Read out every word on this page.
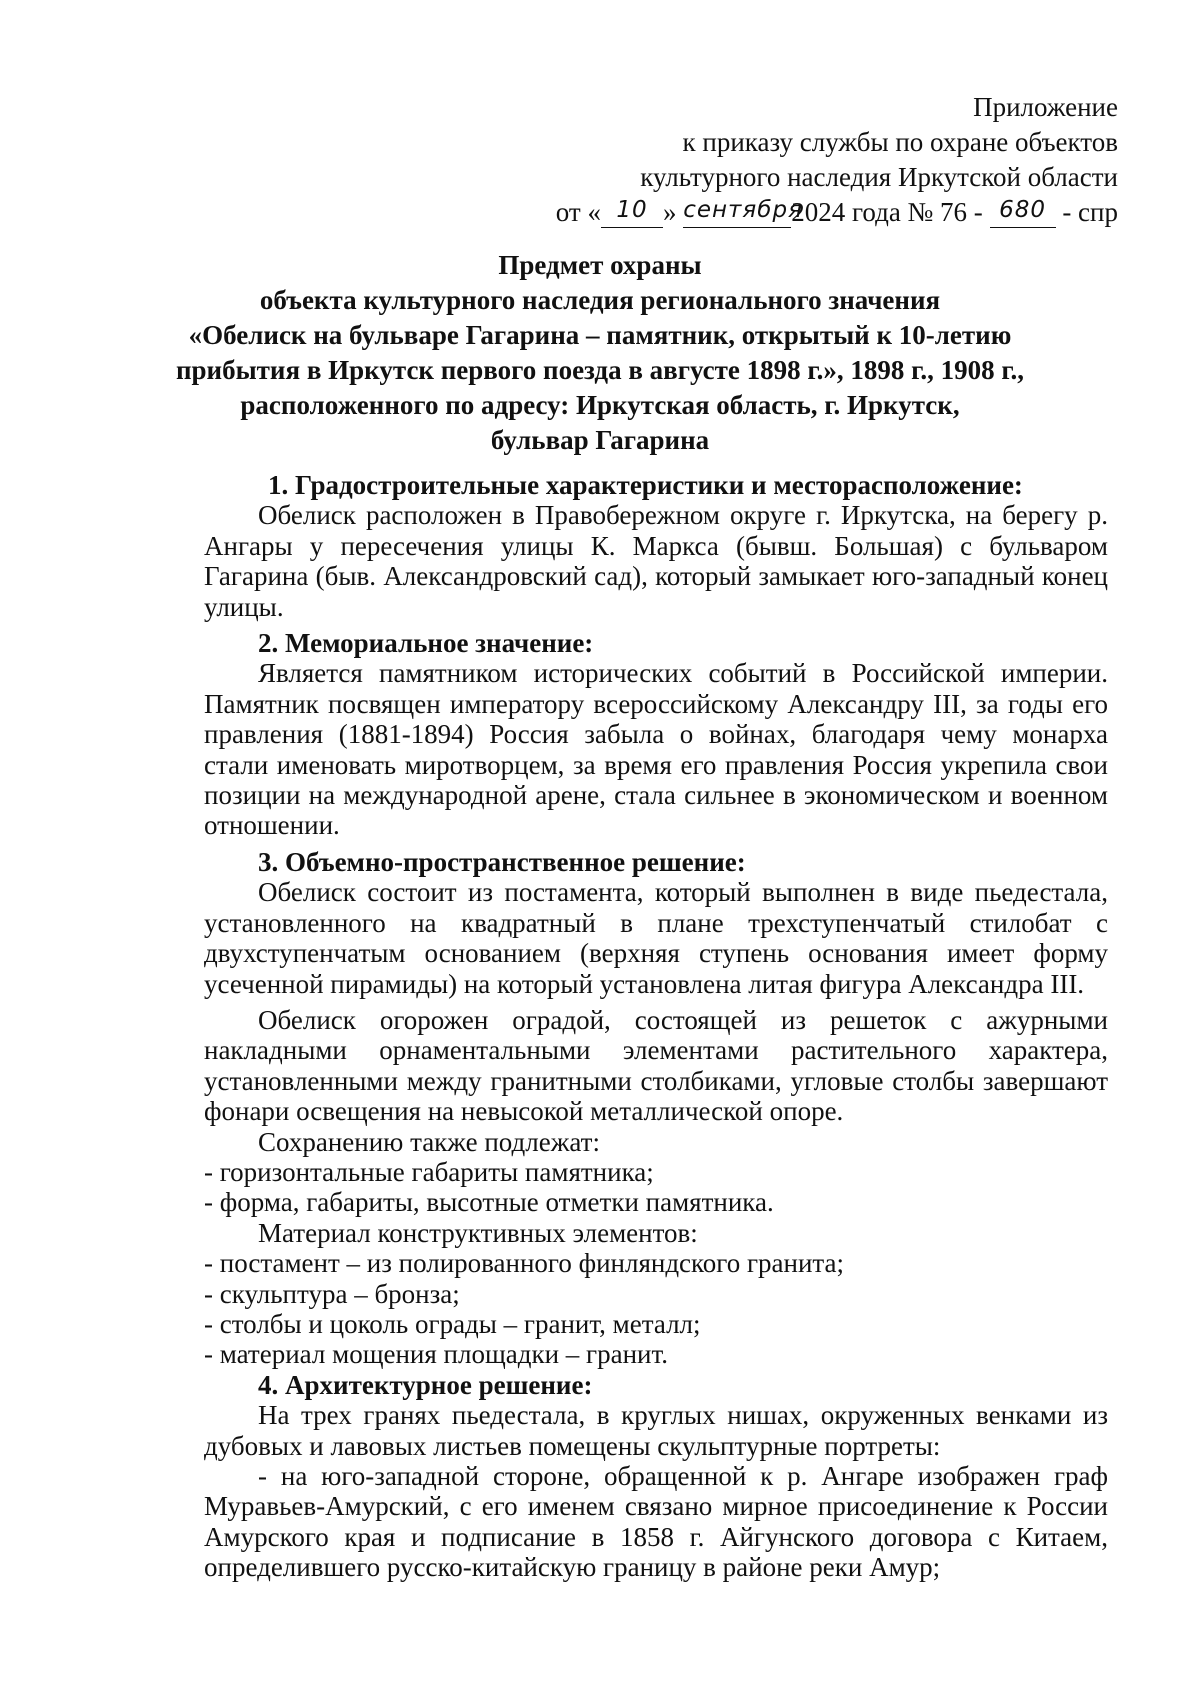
Приложение
к приказу службы по охране объектов
культурного наследия Иркутской области
от « 10 » сентября2024 года № 76 - 680 - спр
Предмет охраны
объекта культурного наследия регионального значения
«Обелиск на бульваре Гагарина – памятник, открытый к 10-летию
прибытия в Иркутск первого поезда в августе 1898 г.», 1898 г., 1908 г.,
расположенного по адресу: Иркутская область, г. Иркутск,
бульвар Гагарина
1. Градостроительные характеристики и месторасположение:

Обелиск расположен в Правобережном округе г. Иркутска, на берегу р. Ангары у пересечения улицы К. Маркса (бывш. Большая) с бульваром Гагарина (быв. Александровский сад), который замыкает юго-западный конец улицы.

2. Мемориальное значение:

Является памятником исторических событий в Российской империи. Памятник посвящен императору всероссийскому Александру III, за годы его правления (1881-1894) Россия забыла о войнах, благодаря чему монарха стали именовать миротворцем, за время его правления Россия укрепила свои позиции на международной арене, стала сильнее в экономическом и военном отношении.

3. Объемно-пространственное решение:

Обелиск состоит из постамента, который выполнен в виде пьедестала, установленного на квадратный в плане трехступенчатый стилобат с двухступенчатым основанием (верхняя ступень основания имеет форму усеченной пирамиды) на который установлена литая фигура Александра III.

Обелиск огорожен оградой, состоящей из решеток с ажурными накладными орнаментальными элементами растительного характера, установленными между гранитными столбиками, угловые столбы завершают фонари освещения на невысокой металлической опоре.

Сохранению также подлежат:
- горизонтальные габариты памятника;
- форма, габариты, высотные отметки памятника.
Материал конструктивных элементов:
- постамент – из полированного финляндского гранита;
- скульптура – бронза;
- столбы и цоколь ограды – гранит, металл;
- материал мощения площадки – гранит.
4. Архитектурное решение:

На трех гранях пьедестала, в круглых нишах, окруженных венками из дубовых и лавовых листьев помещены скульптурные портреты:

- на юго-западной стороне, обращенной к р. Ангаре изображен граф Муравьев-Амурский, с его именем связано мирное присоединение к России Амурского края и подписание в 1858 г. Айгунского договора с Китаем, определившего русско-китайскую границу в районе реки Амур;
